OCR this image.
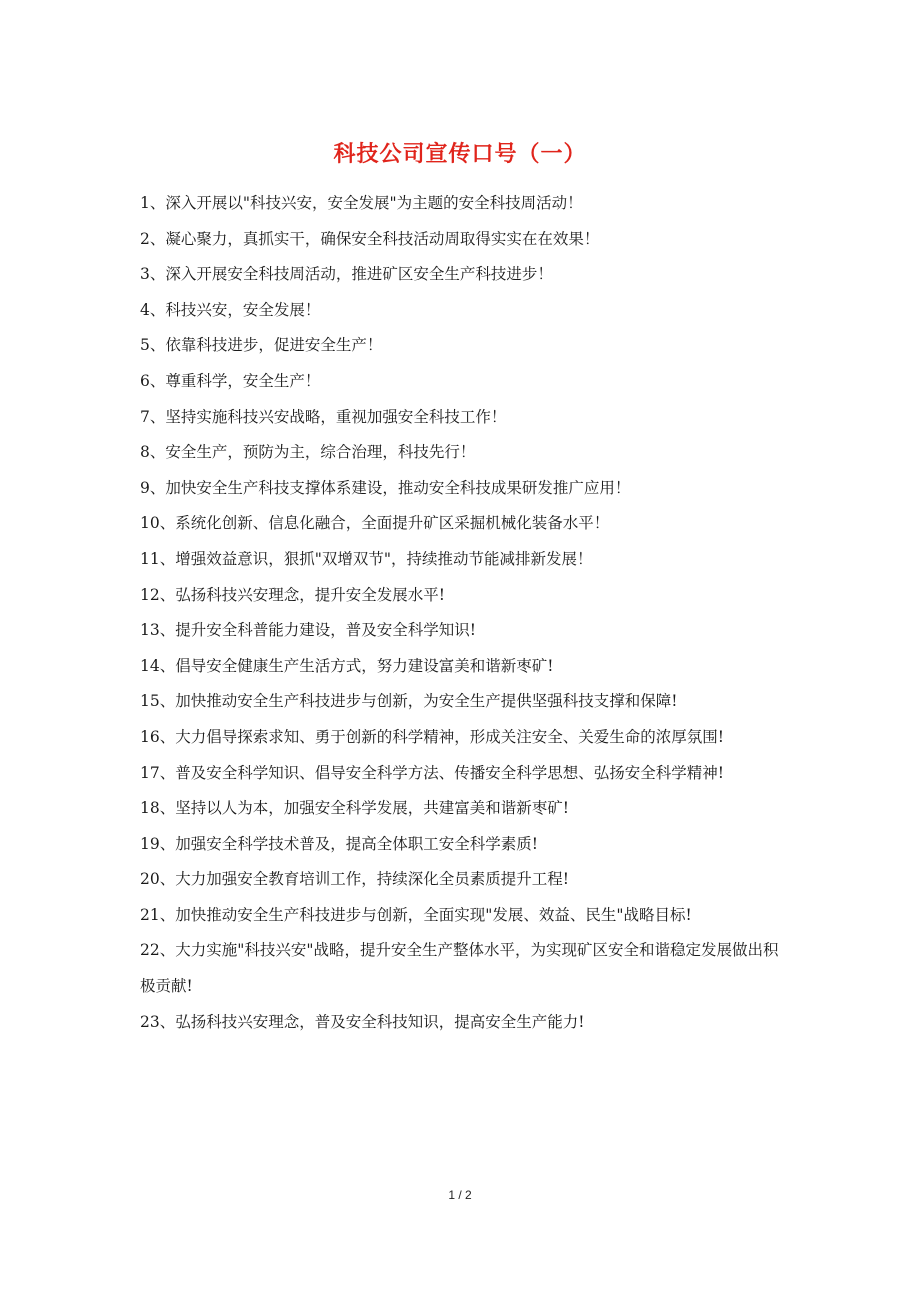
科技公司宣传口号（一）

1、深入开展以"科技兴安，安全发展"为主题的安全科技周活动！

2、凝心聚力，真抓实干，确保安全科技活动周取得实实在在效果！

3、深入开展安全科技周活动，推进矿区安全生产科技进步！

4、科技兴安，安全发展！

5、依靠科技进步，促进安全生产！

6、尊重科学，安全生产！

7、坚持实施科技兴安战略，重视加强安全科技工作！

8、安全生产，预防为主，综合治理，科技先行！

9、加快安全生产科技支撑体系建设，推动安全科技成果研发推广应用！

10、系统化创新、信息化融合，全面提升矿区采掘机械化装备水平！

11、增强效益意识，狠抓"双增双节"，持续推动节能减排新发展！

12、弘扬科技兴安理念，提升安全发展水平!

13、提升安全科普能力建设，普及安全科学知识!

14、倡导安全健康生产生活方式，努力建设富美和谐新枣矿!

15、加快推动安全生产科技进步与创新，为安全生产提供坚强科技支撑和保障!

16、大力倡导探索求知、勇于创新的科学精神，形成关注安全、关爱生命的浓厚氛围!

17、普及安全科学知识、倡导安全科学方法、传播安全科学思想、弘扬安全科学精神!

18、坚持以人为本，加强安全科学发展，共建富美和谐新枣矿!

19、加强安全科学技术普及，提高全体职工安全科学素质!

20、大力加强安全教育培训工作，持续深化全员素质提升工程!

21、加快推动安全生产科技进步与创新，全面实现"发展、效益、民生"战略目标!

22、大力实施"科技兴安"战略，提升安全生产整体水平，为实现矿区安全和谐稳定发展做出积极贡献!

23、弘扬科技兴安理念，普及安全科技知识，提高安全生产能力!

1 / 2
